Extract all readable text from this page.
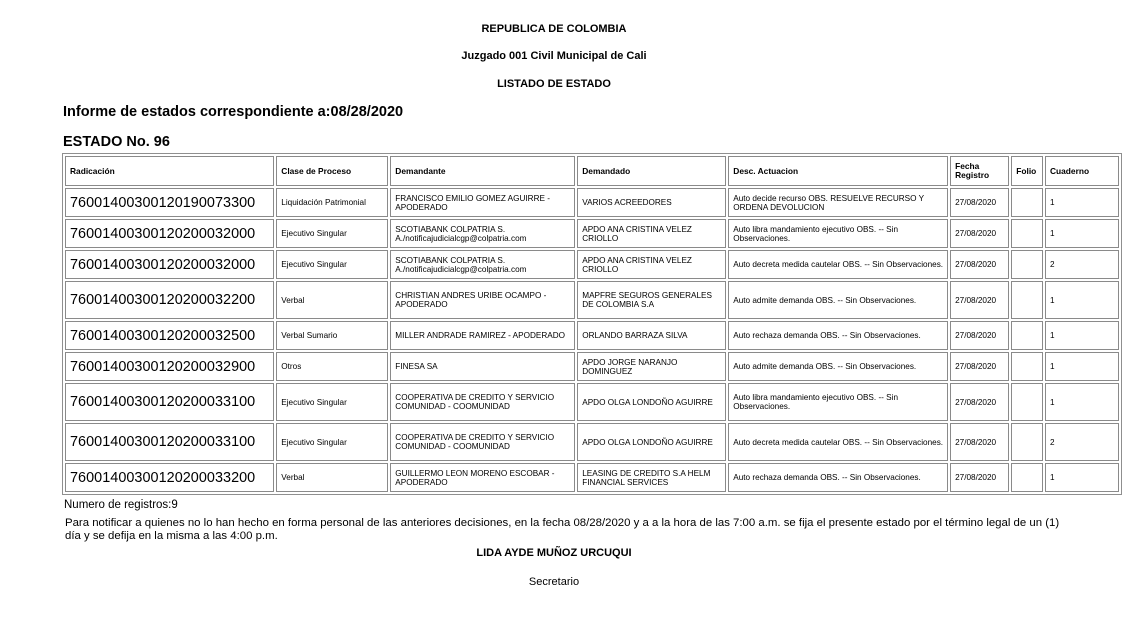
REPUBLICA DE COLOMBIA
Juzgado 001 Civil Municipal de Cali
LISTADO DE ESTADO
Informe de estados correspondiente a:08/28/2020
ESTADO No. 96
Radicación	Clase de Proceso	Demandante	Demandado	Desc. Actuacion	Fecha Registro	Folio	Cuaderno
76001400300120190073300	Liquidación Patrimonial	FRANCISCO EMILIO GOMEZ AGUIRRE - APODERADO	VARIOS ACREEDORES	Auto decide recurso OBS. RESUELVE RECURSO Y ORDENA DEVOLUCION	27/08/2020		1
76001400300120200032000	Ejecutivo Singular	SCOTIABANK COLPATRIA S. A./notificajudicialcgp@colpatria.com	APDO ANA CRISTINA VELEZ CRIOLLO	Auto libra mandamiento ejecutivo OBS. -- Sin Observaciones.	27/08/2020		1
76001400300120200032000	Ejecutivo Singular	SCOTIABANK COLPATRIA S. A./notificajudicialcgp@colpatria.com	APDO ANA CRISTINA VELEZ CRIOLLO	Auto decreta medida cautelar OBS. -- Sin Observaciones.	27/08/2020		2
76001400300120200032200	Verbal	CHRISTIAN ANDRES URIBE OCAMPO - APODERADO	MAPFRE SEGUROS GENERALES DE COLOMBIA S.A	Auto admite demanda OBS. -- Sin Observaciones.	27/08/2020		1
76001400300120200032500	Verbal Sumario	MILLER ANDRADE RAMIREZ - APODERADO	ORLANDO BARRAZA SILVA	Auto rechaza demanda OBS. -- Sin Observaciones.	27/08/2020		1
76001400300120200032900	Otros	FINESA SA	APDO JORGE NARANJO DOMINGUEZ	Auto admite demanda OBS. -- Sin Observaciones.	27/08/2020		1
76001400300120200033100	Ejecutivo Singular	COOPERATIVA DE CREDITO Y SERVICIO COMUNIDAD - COOMUNIDAD	APDO OLGA LONDOÑO AGUIRRE	Auto libra mandamiento ejecutivo OBS. -- Sin Observaciones.	27/08/2020		1
76001400300120200033100	Ejecutivo Singular	COOPERATIVA DE CREDITO Y SERVICIO COMUNIDAD - COOMUNIDAD	APDO OLGA LONDOÑO AGUIRRE	Auto decreta medida cautelar OBS. -- Sin Observaciones.	27/08/2020		2
76001400300120200033200	Verbal	GUILLERMO LEON MORENO ESCOBAR - APODERADO	LEASING DE CREDITO S.A HELM FINANCIAL SERVICES	Auto rechaza demanda OBS. -- Sin Observaciones.	27/08/2020		1
Numero de registros:9
Para notificar a quienes no lo han hecho en forma personal de las anteriores decisiones, en la fecha 08/28/2020 y a a la hora de las 7:00 a.m. se fija el presente estado por el término legal de un (1) día y se defija en la misma a las 4:00 p.m.
LIDA AYDE MUÑOZ URCUQUI
Secretario
